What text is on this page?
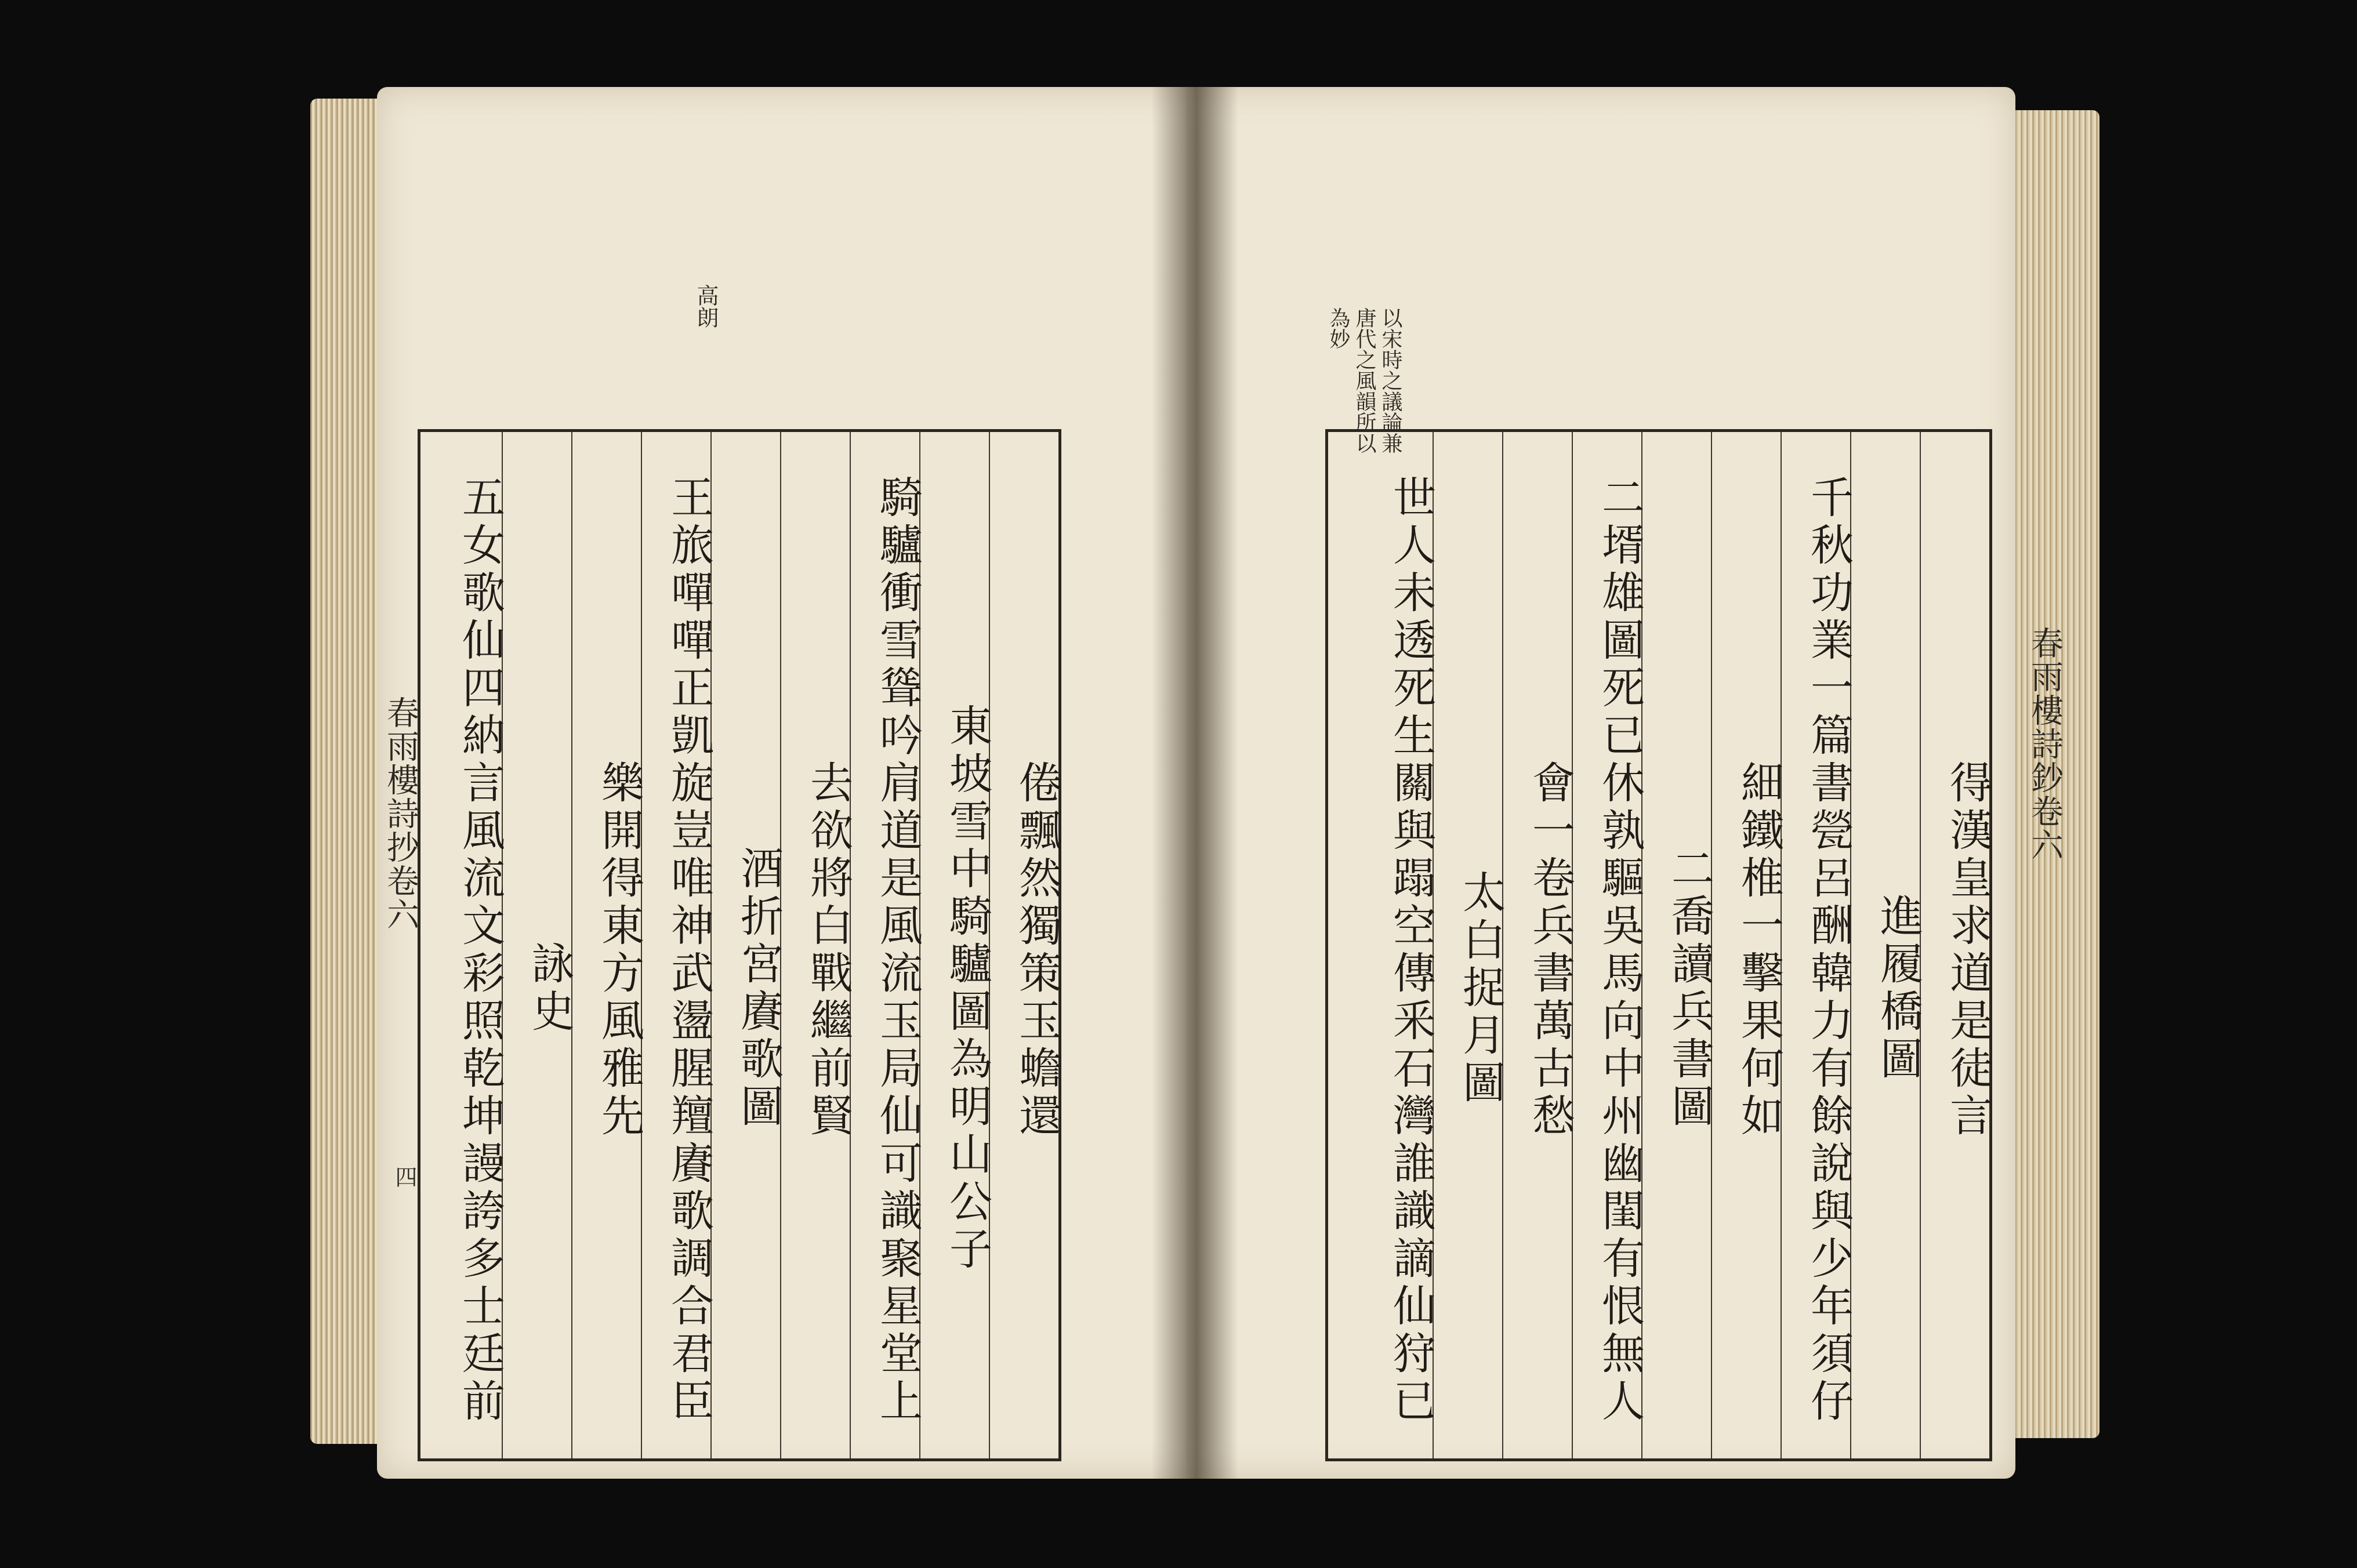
高朗
倦飄然獨策玉蟾還
東坡雪中騎驢圖為明山公子
騎驢衝雪聳吟肩道是風流玉局仙可識聚星堂上
去欲將白戰繼前賢
酒折宮賡歌圖
王旅嘽嘽正凱旋豈唯神武盪腥羶賡歌調合君臣
樂開得東方風雅先
詠史
五女歌仙四納言風流文彩照乾坤謾誇多士廷前
春雨樓詩抄卷六
四
以宋時之議論兼唐代之風韻所以為妙
得漢皇求道是徒言
進履橋圖
千秋功業一篇書甇呂酬韓力有餘說與少年須仔
細鐵椎一擊果何如
二喬讀兵書圖
二壻雄圖死已休孰驅吳馬向中州幽閨有恨無人
會一卷兵書萬古愁
太白捉月圖
世人未透死生關與蹋空傳釆石灣誰識謫仙狩已	春雨樓詩鈔卷六
